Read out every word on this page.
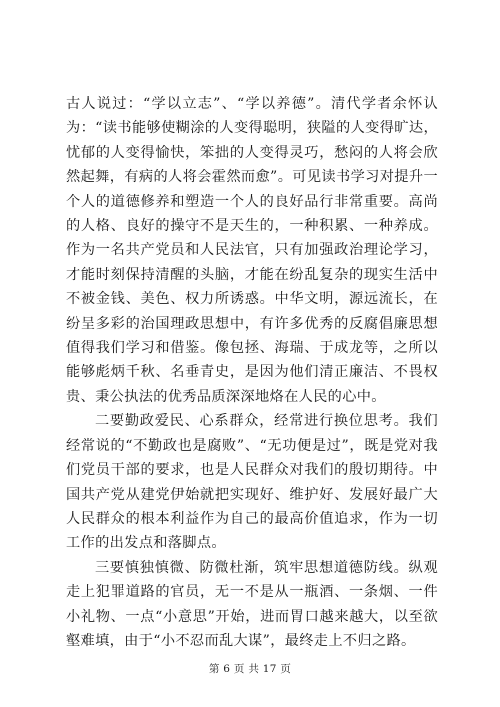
古人说过：“学以立志”、“学以养德”。清代学者余怀认为：“读书能够使糊涂的人变得聪明，狭隘的人变得旷达，忧郁的人变得愉快，笨拙的人变得灵巧，愁闷的人将会欣然起舞，有病的人将会霍然而愈”。可见读书学习对提升一个人的道德修养和塑造一个人的良好品行非常重要。高尚的人格、良好的操守不是天生的，一种积累、一种养成。作为一名共产党员和人民法官，只有加强政治理论学习，才能时刻保持清醒的头脑，才能在纷乱复杂的现实生活中不被金钱、美色、权力所诱惑。中华文明，源远流长，在纷呈多彩的治国理政思想中，有许多优秀的反腐倡廉思想值得我们学习和借鉴。像包拯、海瑞、于成龙等，之所以能够彪炳千秋、名垂青史，是因为他们清正廉洁、不畏权贵、秉公执法的优秀品质深深地烙在人民的心中。

二要勤政爱民、心系群众，经常进行换位思考。我们经常说的“不勤政也是腐败”、“无功便是过”，既是党对我们党员干部的要求，也是人民群众对我们的殷切期待。中国共产党从建党伊始就把实现好、维护好、发展好最广大人民群众的根本利益作为自己的最高价值追求，作为一切工作的出发点和落脚点。

三要慎独慎微、防微杜渐，筑牢思想道德防线。纵观走上犯罪道路的官员，无一不是从一瓶酒、一条烟、一件小礼物、一点“小意思”开始，进而胃口越来越大，以至欲壑难填，由于“小不忍而乱大谋”，最终走上不归之路。

第 6 页 共 17 页
